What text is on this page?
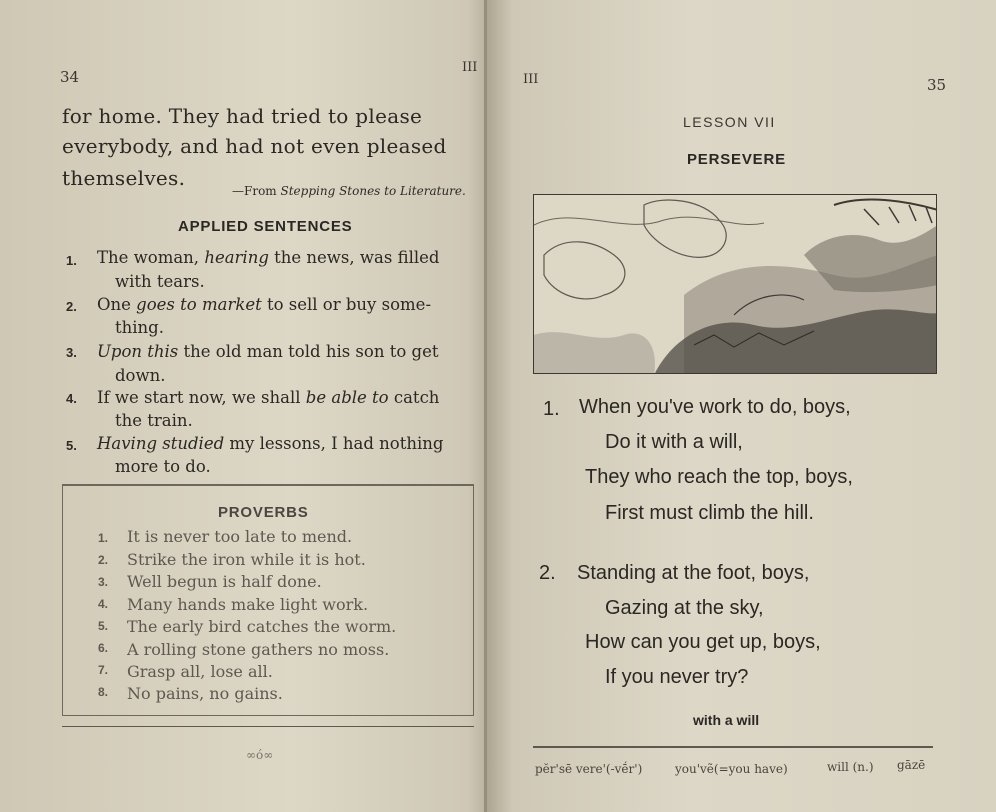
34
III
for home. They had tried to please
everybody, and had not even pleased
themselves.
—From Stepping Stones to Literature.
APPLIED SENTENCES
1. The woman, hearing the news, was filled
with tears.
2. One goes to market to sell or buy some-
thing.
3. Upon this the old man told his son to get
down.
4. If we start now, we shall be able to catch
the train.
5. Having studied my lessons, I had nothing
more to do.
PROVERBS
1. It is never too late to mend.
2. Strike the iron while it is hot.
3. Well begun is half done.
4. Many hands make light work.
5. The early bird catches the worm.
6. A rolling stone gathers no moss.
7. Grasp all, lose all.
8. No pains, no gains.
∞ó∞
III	35
LESSON VII
PERSEVERE
1. When you've work to do, boys,
Do it with a will,
They who reach the top, boys,
First must climb the hill.
2. Standing at the foot, boys,
Gazing at the sky,
How can you get up, boys,
If you never try?
with a will
pĕr'sē vere'(-vḗr')	you'vẽ(=you have)	will (n.) gāzē
